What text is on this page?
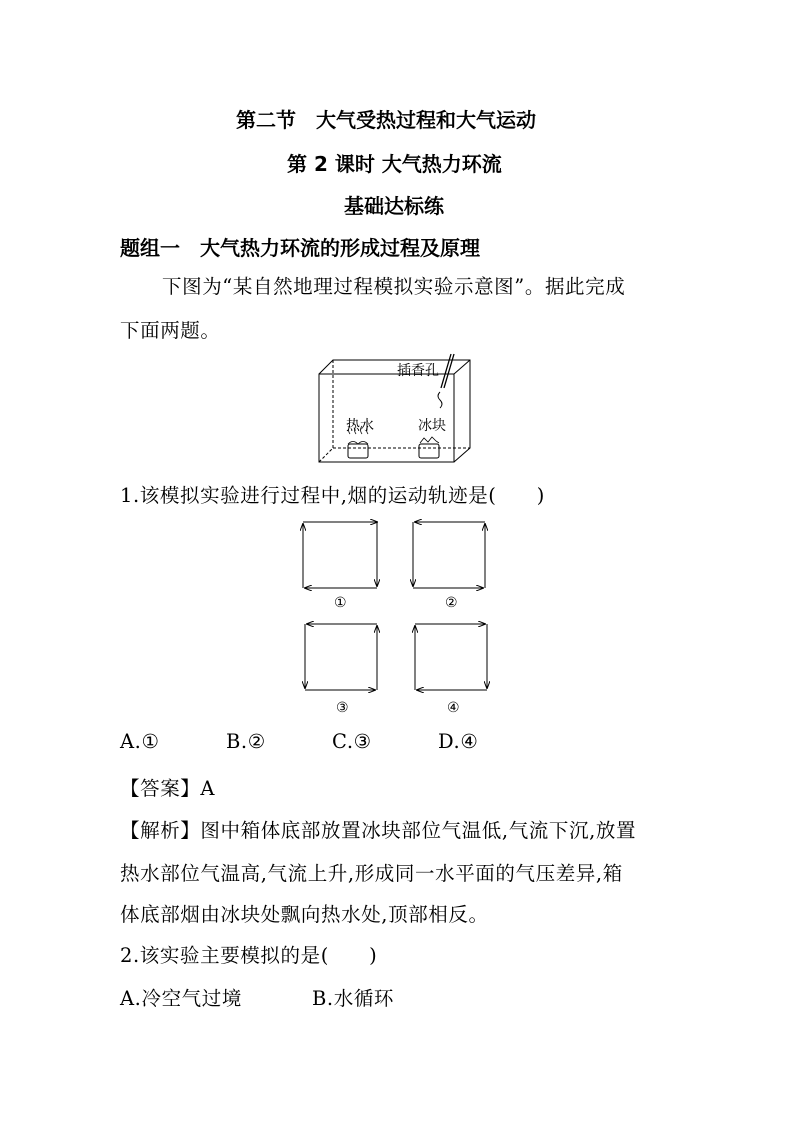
第二节　大气受热过程和大气运动
第 2 课时 大气热力环流
基础达标练
题组一　大气热力环流的形成过程及原理
下图为“某自然地理过程模拟实验示意图”。据此完成
下面两题。
插香孔
热水	冰块
1.该模拟实验进行过程中,烟的运动轨迹是(　　)
①	②
③	④
A.①	B.②	C.③	D.④
【答案】A
【解析】图中箱体底部放置冰块部位气温低,气流下沉,放置
热水部位气温高,气流上升,形成同一水平面的气压差异,箱
体底部烟由冰块处飘向热水处,顶部相反。
2.该实验主要模拟的是(　　)
A.冷空气过境	B.水循环
